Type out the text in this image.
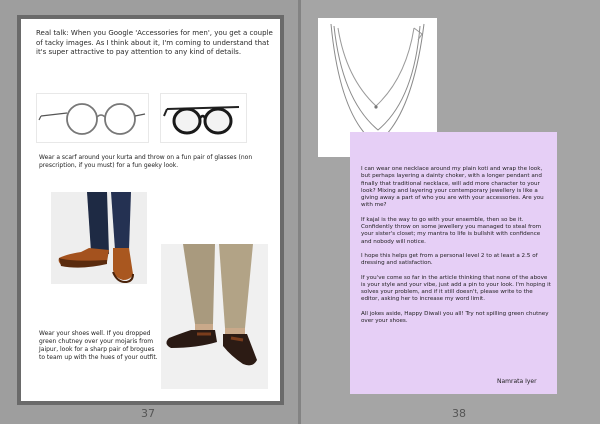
Real talk: When you Google 'Accessories for men', you get a couple of tacky images. As I think about it, I'm coming to understand that it's super attractive to pay attention to any kind of details.
Wear a scarf around your kurta and throw on a fun pair of glasses (non prescription, if you must) for a fun geeky look.
Wear your shoes well. If you dropped green chutney over your mojaris from Jaipur, look for a sharp pair of brogues to team up with the hues of your outfit.
37

I can wear one necklace around my plain koti and wrap the look, but perhaps layering a dainty choker, with a longer pendant and finally that traditional necklace, will add more character to your look? Mixing and layering your contemporary jewellery is like a giving away a part of who you are with your accessories. Are you with me?

If kajal is the way to go with your ensemble, then so be it. Confidently throw on some jewellery you managed to steal from your sister's closet; my mantra to life is bullshit with confidence and nobody will notice.

I hope this helps get from a personal level 2 to at least a 2.5 of dressing and satisfaction.

If you've come so far in the article thinking that none of the above is your style and your vibe, just add a pin to your look. I'm hoping it solves your problem, and if it still doesn't, please write to the editor, asking her to increase my word limit.

All jokes aside, Happy Diwali you all! Try not spilling green chutney over your shoes.

Namrata Iyer
38
